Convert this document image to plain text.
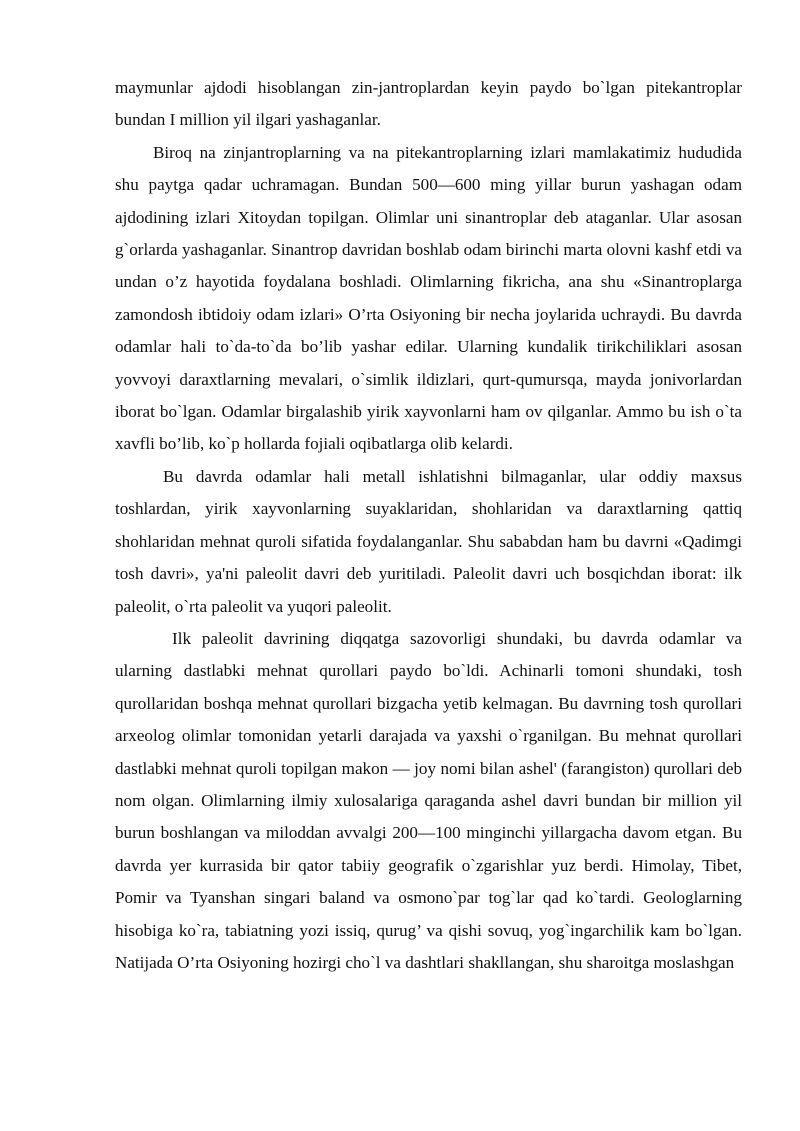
maymunlar ajdodi hisoblangan zin-jantroplardan keyin paydo bo`lgan pitekantroplar bundan I million yil ilgari yashaganlar.

Biroq na zinjantroplarning va na pitekantroplarning izlari mamlakatimiz hududida shu paytga qadar uchramagan. Bundan 500—600 ming yillar burun yashagan odam ajdodining izlari Xitoydan topilgan. Olimlar uni sinantroplar deb ataganlar. Ular asosan g`orlarda yashaganlar. Sinantrop davridan boshlab odam birinchi marta olovni kashf etdi va undan o’z hayotida foydalana boshladi. Olimlarning fikricha, ana shu «Sinantroplarga zamondosh ibtidoiy odam izlari» O’rta Osiyoning bir necha joylarida uchraydi. Bu davrda odamlar hali to`da-to`da bo’lib yashar edilar. Ularning kundalik tirikchiliklari asosan yovvoyi daraxtlarning mevalari, o`simlik ildizlari, qurt-qumursqa, mayda jonivorlardan iborat bo`lgan. Odamlar birgalashib yirik xayvonlarni ham ov qilganlar. Ammo bu ish o`ta xavfli bo’lib, ko`p hollarda fojiali oqibatlarga olib kelardi.

Bu davrda odamlar hali metall ishlatishni bilmaganlar, ular oddiy maxsus toshlardan, yirik xayvonlarning suyaklaridan, shohlaridan va daraxtlarning qattiq shohlaridan mehnat quroli sifatida foydalanganlar. Shu sababdan ham bu davrni «Qadimgi tosh davri», ya'ni paleolit davri deb yuritiladi. Paleolit davri uch bosqichdan iborat: ilk paleolit, o`rta paleolit va yuqori paleolit.

Ilk paleolit davrining diqqatga sazovorligi shundaki, bu davrda odamlar va ularning dastlabki mehnat qurollari paydo bo`ldi. Achinarli tomoni shundaki, tosh qurollaridan boshqa mehnat qurollari bizgacha yetib kelmagan. Bu davrning tosh qurollari arxeolog olimlar tomonidan yetarli darajada va yaxshi o`rganilgan. Bu mehnat qurollari dastlabki mehnat quroli topilgan makon — joy nomi bilan ashel' (farangiston) qurollari deb nom olgan. Olimlarning ilmiy xulosalariga qaraganda ashel davri bundan bir million yil burun boshlangan va miloddan avvalgi 200—100 minginchi yillargacha davom etgan. Bu davrda yer kurrasida bir qator tabiiy geografik o`zgarishlar yuz berdi. Himolay, Tibet, Pomir va Tyanshan singari baland va osmono`par tog`lar qad ko`tardi. Geologlarning hisobiga ko`ra, tabiatning yozi issiq, qurug’ va qishi sovuq, yog`ingarchilik kam bo`lgan. Natijada O’rta Osiyoning hozirgi cho`l va dashtlari shakllangan, shu sharoitga moslashgan
